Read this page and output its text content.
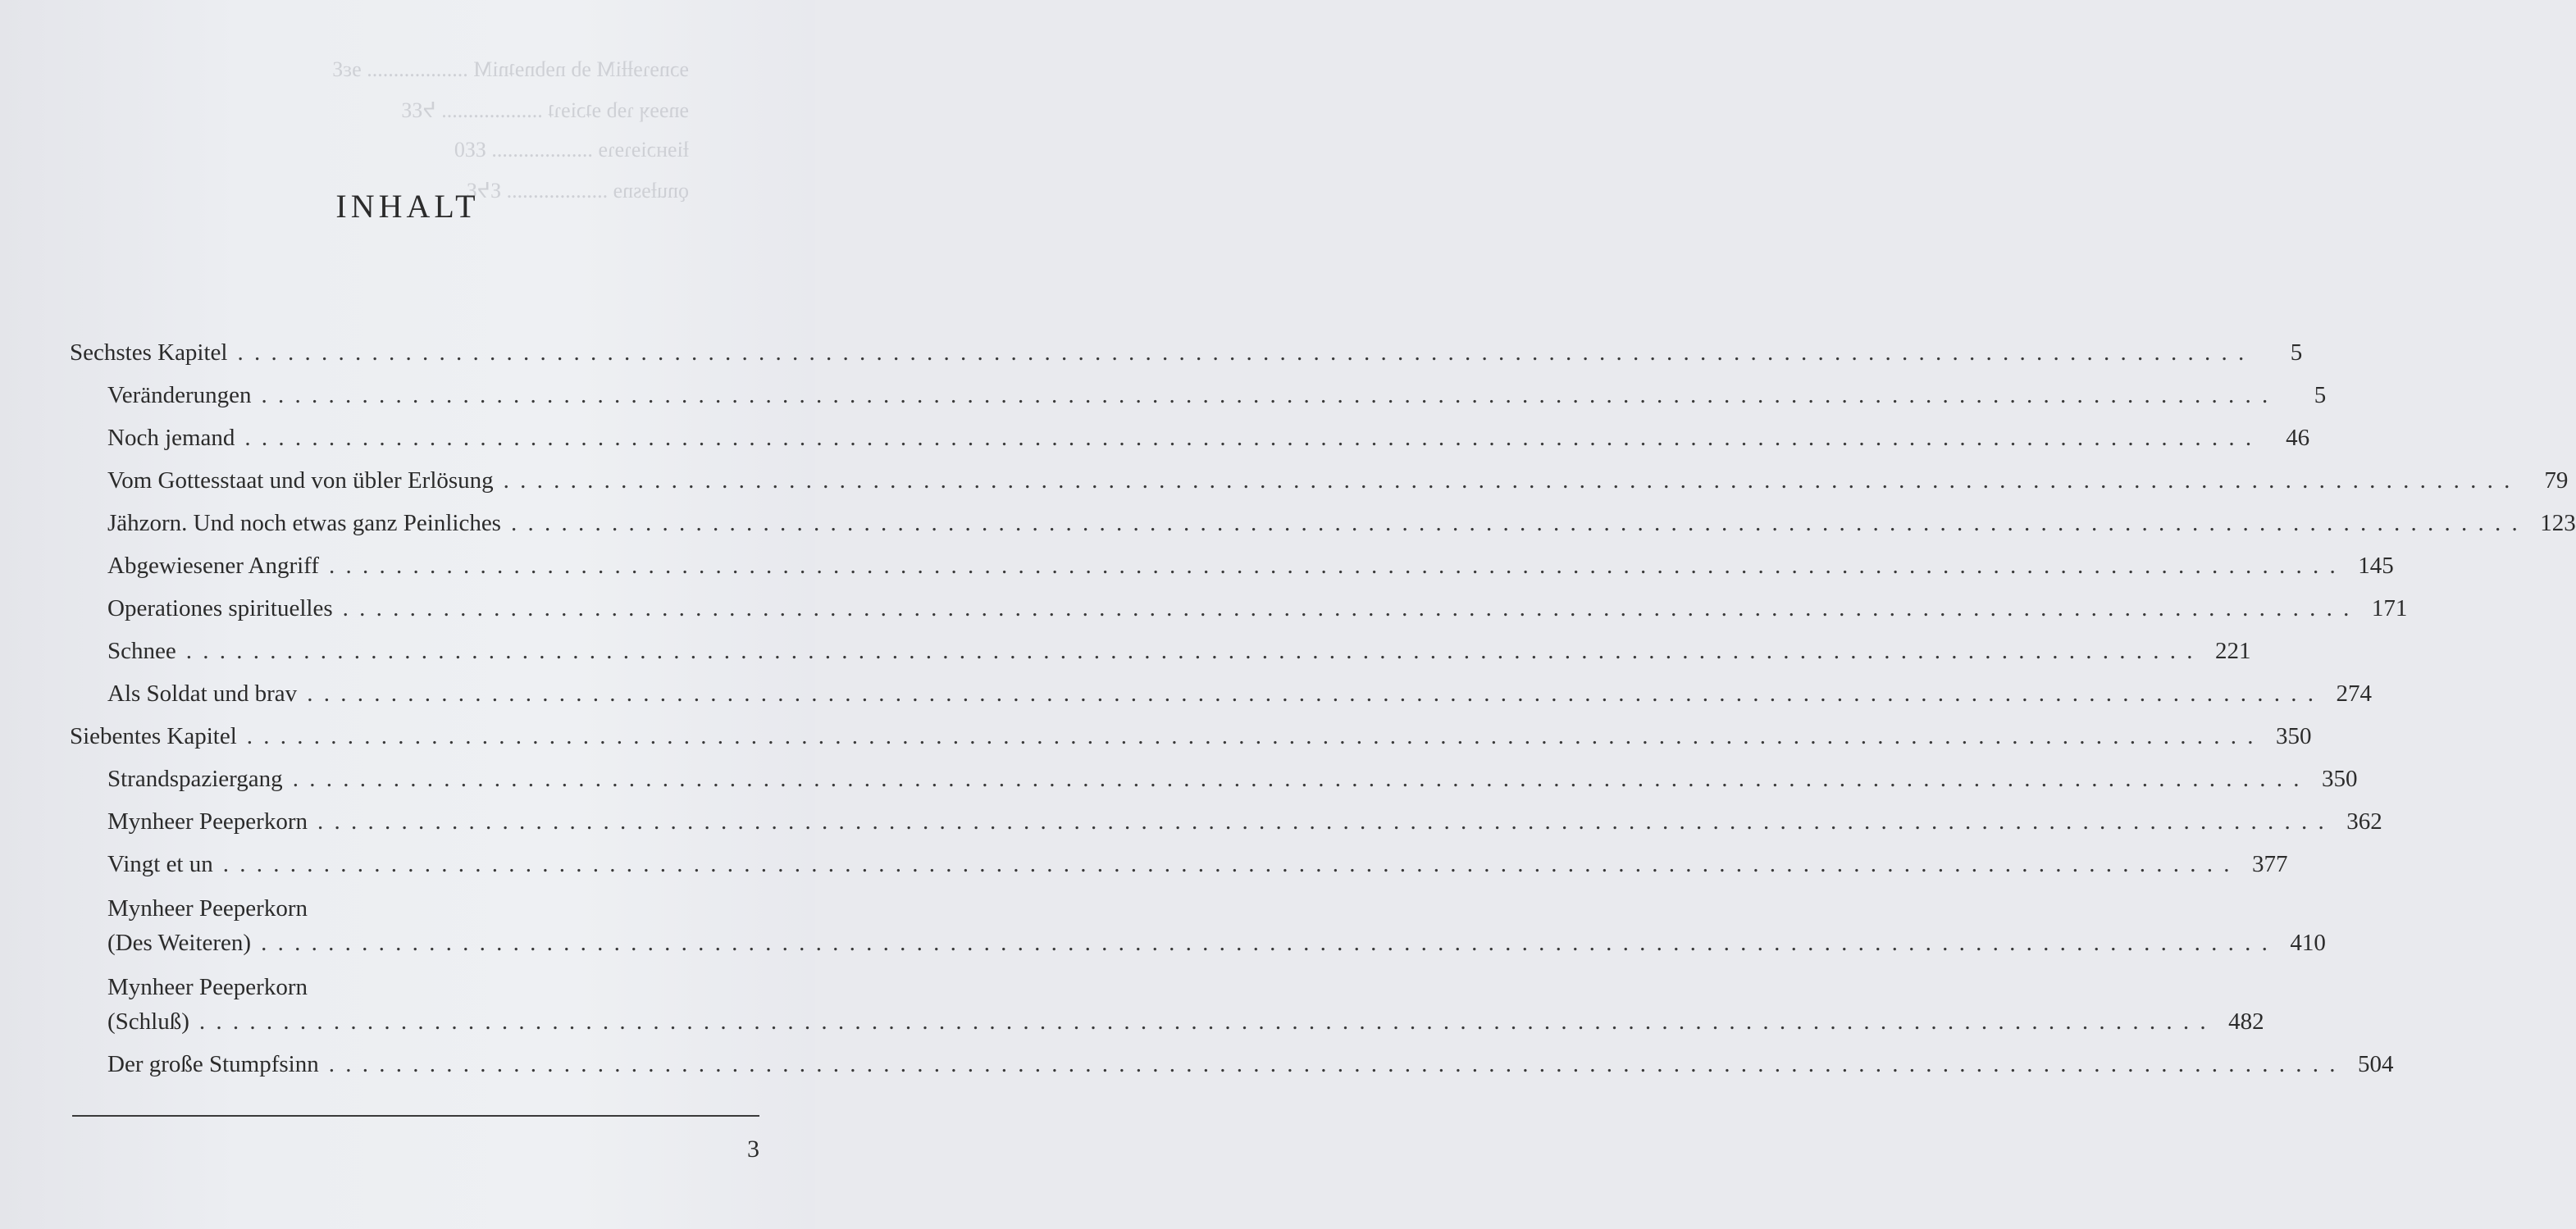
ɘɔnɘɿɘƚƚiM ɘb nɘbnɘʇniM ................... ɘɛƐ
ɘnɘɘʞ ɿɘb ɘʇɔiɘɿʇ ................... ᔭƐƐ
ƚiɘʜɔiɘɿɘɿɘ ................... ƐƐ0
ǫnuƚɘsnɘ ................... ƐᔭƐ
INHALT
Sechstes Kapitel . . . . . . . . . . . . . . . . . . . . . . . . . . . . . . . . . . . . . . . . . . . . . . . . . . . . . . . . . . . . . . . . . . . . . . . . . . . . . . . . . . . . . . . . . . . . . . . . . . . . . . . . . . . . . . . . . . . . . . . .	5
Veränderungen . . . . . . . . . . . . . . . . . . . . . . . . . . . . . . . . . . . . . . . . . . . . . . . . . . . . . . . . . . . . . . . . . . . . . . . . . . . . . . . . . . . . . . . . . . . . . . . . . . . . . . . . . . . . . . . . . . . . . . . .	5
Noch jemand . . . . . . . . . . . . . . . . . . . . . . . . . . . . . . . . . . . . . . . . . . . . . . . . . . . . . . . . . . . . . . . . . . . . . . . . . . . . . . . . . . . . . . . . . . . . . . . . . . . . . . . . . . . . . . . . . . . . . . . .	46
Vom Gottesstaat und von übler Erlösung . . . . . . . . . . . . . . . . . . . . . . . . . . . . . . . . . . . . . . . . . . . . . . . . . . . . . . . . . . . . . . . . . . . . . . . . . . . . . . . . . . . . . . . . . . . . . . . . . . . . . . . . . . . . . . . . . . . . . . . .	79
Jähzorn. Und noch etwas ganz Peinliches . . . . . . . . . . . . . . . . . . . . . . . . . . . . . . . . . . . . . . . . . . . . . . . . . . . . . . . . . . . . . . . . . . . . . . . . . . . . . . . . . . . . . . . . . . . . . . . . . . . . . . . . . . . . . . . . . . . . . . . . 123
Abgewiesener Angriff . . . . . . . . . . . . . . . . . . . . . . . . . . . . . . . . . . . . . . . . . . . . . . . . . . . . . . . . . . . . . . . . . . . . . . . . . . . . . . . . . . . . . . . . . . . . . . . . . . . . . . . . . . . . . . . . . . . . . . . . 145
Operationes spirituelles . . . . . . . . . . . . . . . . . . . . . . . . . . . . . . . . . . . . . . . . . . . . . . . . . . . . . . . . . . . . . . . . . . . . . . . . . . . . . . . . . . . . . . . . . . . . . . . . . . . . . . . . . . . . . . . . . . . . . . . . 171
Schnee . . . . . . . . . . . . . . . . . . . . . . . . . . . . . . . . . . . . . . . . . . . . . . . . . . . . . . . . . . . . . . . . . . . . . . . . . . . . . . . . . . . . . . . . . . . . . . . . . . . . . . . . . . . . . . . . . . . . . . . . 221
Als Soldat und brav . . . . . . . . . . . . . . . . . . . . . . . . . . . . . . . . . . . . . . . . . . . . . . . . . . . . . . . . . . . . . . . . . . . . . . . . . . . . . . . . . . . . . . . . . . . . . . . . . . . . . . . . . . . . . . . . . . . . . . . . 274
Siebentes Kapitel . . . . . . . . . . . . . . . . . . . . . . . . . . . . . . . . . . . . . . . . . . . . . . . . . . . . . . . . . . . . . . . . . . . . . . . . . . . . . . . . . . . . . . . . . . . . . . . . . . . . . . . . . . . . . . . . . . . . . . . . 350
Strandspaziergang . . . . . . . . . . . . . . . . . . . . . . . . . . . . . . . . . . . . . . . . . . . . . . . . . . . . . . . . . . . . . . . . . . . . . . . . . . . . . . . . . . . . . . . . . . . . . . . . . . . . . . . . . . . . . . . . . . . . . . . . 350
Mynheer Peeperkorn . . . . . . . . . . . . . . . . . . . . . . . . . . . . . . . . . . . . . . . . . . . . . . . . . . . . . . . . . . . . . . . . . . . . . . . . . . . . . . . . . . . . . . . . . . . . . . . . . . . . . . . . . . . . . . . . . . . . . . . . 362
Vingt et un . . . . . . . . . . . . . . . . . . . . . . . . . . . . . . . . . . . . . . . . . . . . . . . . . . . . . . . . . . . . . . . . . . . . . . . . . . . . . . . . . . . . . . . . . . . . . . . . . . . . . . . . . . . . . . . . . . . . . . . . 377
Mynheer Peeperkorn
(Des Weiteren) . . . . . . . . . . . . . . . . . . . . . . . . . . . . . . . . . . . . . . . . . . . . . . . . . . . . . . . . . . . . . . . . . . . . . . . . . . . . . . . . . . . . . . . . . . . . . . . . . . . . . . . . . . . . . . . . . . . . . . . . 410
Mynheer Peeperkorn
(Schluß) . . . . . . . . . . . . . . . . . . . . . . . . . . . . . . . . . . . . . . . . . . . . . . . . . . . . . . . . . . . . . . . . . . . . . . . . . . . . . . . . . . . . . . . . . . . . . . . . . . . . . . . . . . . . . . . . . . . . . . . . 482
Der große Stumpfsinn . . . . . . . . . . . . . . . . . . . . . . . . . . . . . . . . . . . . . . . . . . . . . . . . . . . . . . . . . . . . . . . . . . . . . . . . . . . . . . . . . . . . . . . . . . . . . . . . . . . . . . . . . . . . . . . . . . . . . . . . 504
3
